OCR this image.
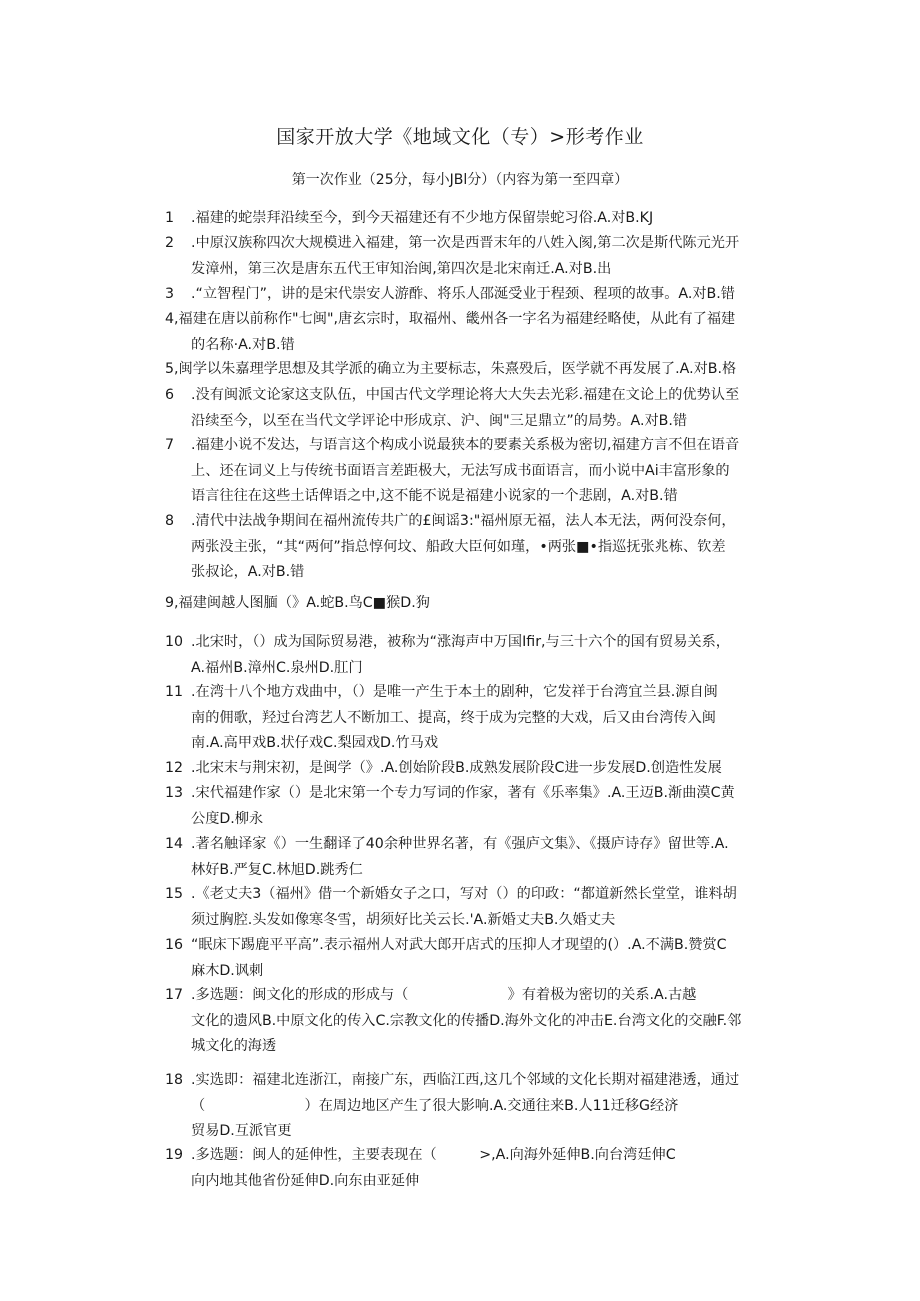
国家开放大学《地域文化（专）>形考作业
第一次作业（25分，每小JBl分）（内容为第一至四章）
1 .福建的蛇崇拜沿续至今，到今天福建还有不少地方保留崇蛇习俗.A.对B.KJ
2 .中原汉族称四次大规模进入福建，第一次是西晋末年的八姓入阂,第二次是斯代陈元光开
发漳州，第三次是唐东五代王审知治闽,第四次是北宋南迁.A.对B.出
3 .“立智程门”，讲的是宋代崇安人游酢、将乐人邵涎受业于程颈、程项的故事。A.对B.错
4,福建在唐以前称作"七闽",唐玄宗时，取福州、畿州各一字名为福建经略使，从此有了福建
的名称·A.对B.错
5,闽学以朱嘉理学思想及其学派的确立为主要标志，朱熹殁后，医学就不再发展了.A.对B.格
6 .没有闽派文论家这支队伍，中国古代文学理论将大大失去光彩.福建在文论上的优势认至
沿续至今，以至在当代文学评论中形成京、沪、闽"三足鼎立”的局势。A.对B.错
7 .福建小说不发达，与语言这个构成小说最狭本的要素关系极为密切,福建方言不但在语音
上、还在词义上与传统书面语言差距极大，无法写成书面语言，而小说中Ai丰富形象的
语言往往在这些土话俾语之中,这不能不说是福建小说家的一个悲剧，A.对B.错
8 .清代中法战争期间在福州流传共广的£闽谣3:"福州原无福，法人本无法，两何没奈何，
两张没主张，“其“两何”指总惇何坟、船政大臣何如瑾，•两张■•指巡抚张兆栋、钦差
张叔论，A.对B.错
9,福建闽越人图腼（》A.蛇B.鸟C■猴D.狗
10 .北宋时，（）成为国际贸易港，被称为“涨海声中万国Ifir,与三十六个的国有贸易关系，
A.福州B.漳州C.泉州D.肛门
11 .在湾十八个地方戏曲中，（）是唯一产生于本土的剧种，它发祥于台湾宜兰县.源自闽
南的佣歌，羟过台湾艺人不断加工、提高，终于成为完整的大戏，后又由台湾传入闽
南.A.高甲戏B.状仔戏C.梨园戏D.竹马戏
12 .北宋末与荆宋初，是闽学（》.A.创始阶段B.成熟发展阶段C进一步发展D.创造性发展
13 .宋代福建作家（）是北宋第一个专力写词的作家，著有《乐率集》.A.王迈B.渐曲漠C黄
公度D.柳永
14 .著名触译家《）一生翻译了40余种世界名著，有《强庐文集》、《摄庐诗存》留世等.A.
林好B.严复C.林旭D.跳秀仁
15 .《老丈夫3（福州》借一个新婚女子之口，写对（）的印政：“都道新然长堂堂，谁料胡
须过胸腔.头发如像寒冬雪，胡须好比关云长.'A.新婚丈夫B.久婚丈夫
16 “眠床下踢鹿平平高”.表示福州人对武大郎开店式的压抑人才现望的(）.A.不满B.赞赏C
麻木D.讽刺
17 .多选题：闽文化的形成的形成与（　　　　　　　》有着极为密切的关系.A.古越
文化的遗风B.中原文化的传入C.宗教文化的传播D.海外文化的冲击E.台湾文化的交融F.邻
城文化的海透
18 .实选即：福建北连浙江，南接广东，西临江西,这几个邻域的文化长期对福建港透，通过
（　　　　　　　）在周边地区产生了很大影响.A.交通往来B.人11迁移G经济
贸易D.互派官更
19 .多选题：闽人的延伸性，主要表现在（　　　>,A.向海外延伸B.向台湾廷伸C
向内地其他省份延伸D.向东由亚延伸
